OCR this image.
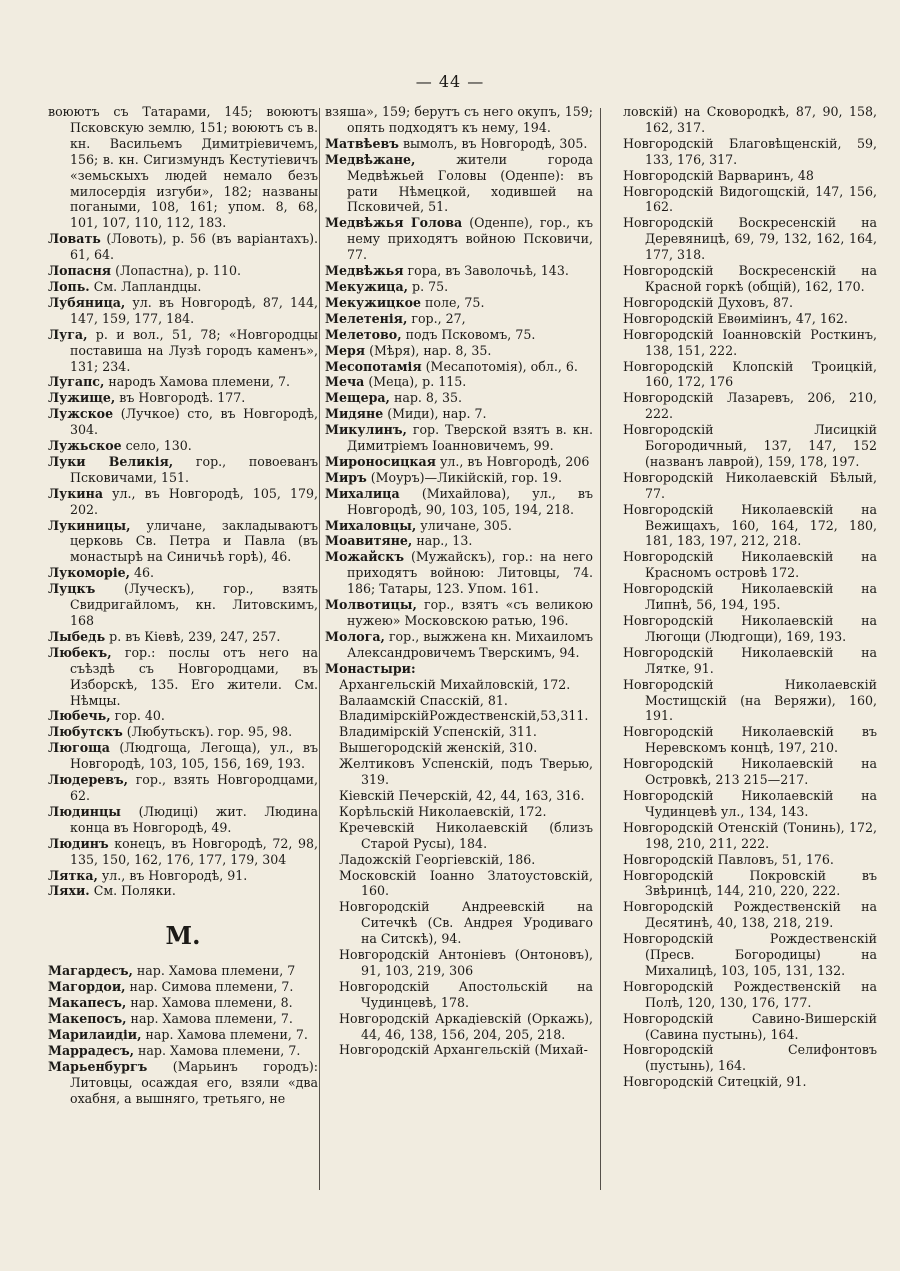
— 44 —
воюютъ съ Татарами, 145; воюютъ Псковскую землю, 151; воюютъ съ в. кн. Васильемъ Димитріевичемъ, 156; в. кн. Сигизмундъ Кестутіевичъ «земьскыхъ людей немало безъ милосердія изгуби», 182; названы погаными, 108, 161; упом. 8, 68, 101, 107, 110, 112, 183.
Ловать (Ловоть), р. 56 (въ варіантахъ). 61, 64.
Лопасня (Лопастна), р. 110.
Лопь. См. Лапландцы.
Лубяница, ул. въ Новгородѣ, 87, 144, 147, 159, 177, 184.
Луга, р. и вол., 51, 78; «Новгородцы поставиша на Лузѣ городъ каменъ», 131; 234.
Лугапс, народъ Хамова племени, 7.
Лужище, въ Новгородѣ. 177.
Лужское (Лучкое) сто, въ Новгородѣ, 304.
Лужьское село, 130.
Луки Великія, гор., повоеванъ Псковичами, 151.
Лукина ул., въ Новгородѣ, 105, 179, 202.
Лукиницы, уличане, закладываютъ церковь Св. Петра и Павла (въ монастырѣ на Синичьѣ горѣ), 46.
Лукоморіе, 46.
Луцкъ (Луческъ), гор., взять Свидригайломъ, кн. Литовскимъ, 168
Лыбедь р. въ Кіевѣ, 239, 247, 257.
Любекъ, гор.: послы отъ него на съѣздѣ съ Новгородцами, въ Изборскѣ, 135. Его жители. См. Нѣмцы.
Любечь, гор. 40.
Любутскъ (Любутьскъ). гор. 95, 98.
Люгоща (Людгоща, Легоща), ул., въ Новгородѣ, 103, 105, 156, 169, 193.
Людеревъ, гор., взять Новгородцами, 62.
Людинцы (Людиці) жит. Людина конца въ Новгородѣ, 49.
Людинъ конецъ, въ Новгородѣ, 72, 98, 135, 150, 162, 176, 177, 179, 304
Лятка, ул., въ Новгородѣ, 91.
Ляхи. См. Поляки.
М.
Магардесъ, нар. Хамова племени, 7
Магордои, нар. Симова племени, 7.
Макапесъ, нар. Хамова племени, 8.
Макепосъ, нар. Хамова племени, 7.
Марилаидіи, нар. Хамова племени, 7.
Маррадесъ, нар. Хамова племени, 7.
Марьенбургъ (Марьинъ городъ): Литовцы, осаждая его, взяли «два охабня, а вышняго, третьяго, не
взяша», 159; берутъ съ него окупъ, 159; опять подходятъ къ нему, 194.
Матвѣевъ вымолъ, въ Новгородѣ, 305.
Медвѣжане, жители города Медвѣжьей Головы (Оденпе): въ рати Нѣмецкой, ходившей на Псковичей, 51.
Медвѣжья Голова (Оденпе), гор., къ нему приходятъ войною Псковичи, 77.
Медвѣжья гора, въ Заволочьѣ, 143.
Мекужица, р. 75.
Мекужицкое поле, 75.
Мелетенія, гор., 27,
Мелетово, подъ Псковомъ, 75.
Меря (Мѣря), нар. 8, 35.
Месопотамія (Месапотомія), обл., 6.
Меча (Меца), р. 115.
Мещера, нар. 8, 35.
Мидяне (Миди), нар. 7.
Микулинъ, гор. Тверской взятъ в. кн. Димитріемъ Іоанновичемъ, 99.
Мироносицкая ул., въ Новгородѣ, 206
Миръ (Моуръ)—Ликійскій, гор. 19.
Михалица (Михайлова), ул., въ Новгородѣ, 90, 103, 105, 194, 218.
Михаловцы, уличане, 305.
Моавитяне, нар., 13.
Можайскъ (Мужайскъ), гор.: на него приходятъ войною: Литовцы, 74. 186; Татары, 123. Упом. 161.
Молвотицы, гор., взятъ «съ великою нужею» Московскою ратью, 196.
Молога, гор., выжжена кн. Михаиломъ Александровичемъ Тверскимъ, 94.
Монастыри:
Архангельскій Михайловскій, 172.
Валаамскій Спасскій, 81.
ВладимірскійРождественскій,53,311.
Владимірскій Успенскій, 311.
Вышегородскій женскій, 310.
Желтиковъ Успенскій, подъ Тверью, 319.
Кіевскій Печерскій, 42, 44, 163, 316.
Корѣльскій Николаевскій, 172.
Кречевскій Николаевскій (близъ Старой Русы), 184.
Ладожскій Георгіевскій, 186.
Московскій Іоанно Златоустовскій, 160.
Новгородскій Андреевскій на Ситечкѣ (Св. Андрея Уродиваго на Ситскѣ), 94.
Новгородскій Антоніевъ (Онтоновъ), 91, 103, 219, 306
Новгородскій Апостольскій на Чудинцевѣ, 178.
Новгородскій Аркадіевскій (Оркажь), 44, 46, 138, 156, 204, 205, 218.
Новгородскій Архангельскій (Михай-
ловскій) на Сковородкѣ, 87, 90, 158, 162, 317.
Новгородскій Благовѣщенскій, 59, 133, 176, 317.
Новгородскій Варваринъ, 48
Новгородскій Видогощскій, 147, 156, 162.
Новгородскій Воскресенскій на Деревяницѣ, 69, 79, 132, 162, 164, 177, 318.
Новгородскій Воскресенскій на Красной горкѣ (общій), 162, 170.
Новгородскій Духовъ, 87.
Новгородскій Евѳиміинъ, 47, 162.
Новгородскій Іоанновскій Росткинъ, 138, 151, 222.
Новгородскій Клопскій Троицкій, 160, 172, 176
Новгородскій Лазаревъ, 206, 210, 222.
Новгородскій Лисицкій Богородичный, 137, 147, 152 (названъ лаврой), 159, 178, 197.
Новгородскій Николаевскій Бѣлый, 77.
Новгородскій Николаевскій на Вежищахъ, 160, 164, 172, 180, 181, 183, 197, 212, 218.
Новгородскій Николаевскій на Красномъ островѣ 172.
Новгородскій Николаевскій на Липнѣ, 56, 194, 195.
Новгородскій Николаевскій на Люгощи (Людгощи), 169, 193.
Новгородскій Николаевскій на Лятке, 91.
Новгородскій Николаевскій Мостищскій (на Веряжи), 160, 191.
Новгородскій Николаевскій въ Неревскомъ концѣ, 197, 210.
Новгородскій Николаевскій на Островкѣ, 213 215—217.
Новгородскій Николаевскій на Чудинцевѣ ул., 134, 143.
Новгородскій Отенскій (Тонинь), 172, 198, 210, 211, 222.
Новгородскій Павловъ, 51, 176.
Новгородскій Покровскій въ Звѣринцѣ, 144, 210, 220, 222.
Новгородскій Рождественскій на Десятинѣ, 40, 138, 218, 219.
Новгородскій Рождественскій (Пресв. Богородицы) на Михалицѣ, 103, 105, 131, 132.
Новгородскій Рождественскій на Полѣ, 120, 130, 176, 177.
Новгородскій Савино-Вишерскій (Савина пустынь), 164.
Новгородскій Селифонтовъ (пустынь), 164.
Новгородскій Ситецкій, 91.
